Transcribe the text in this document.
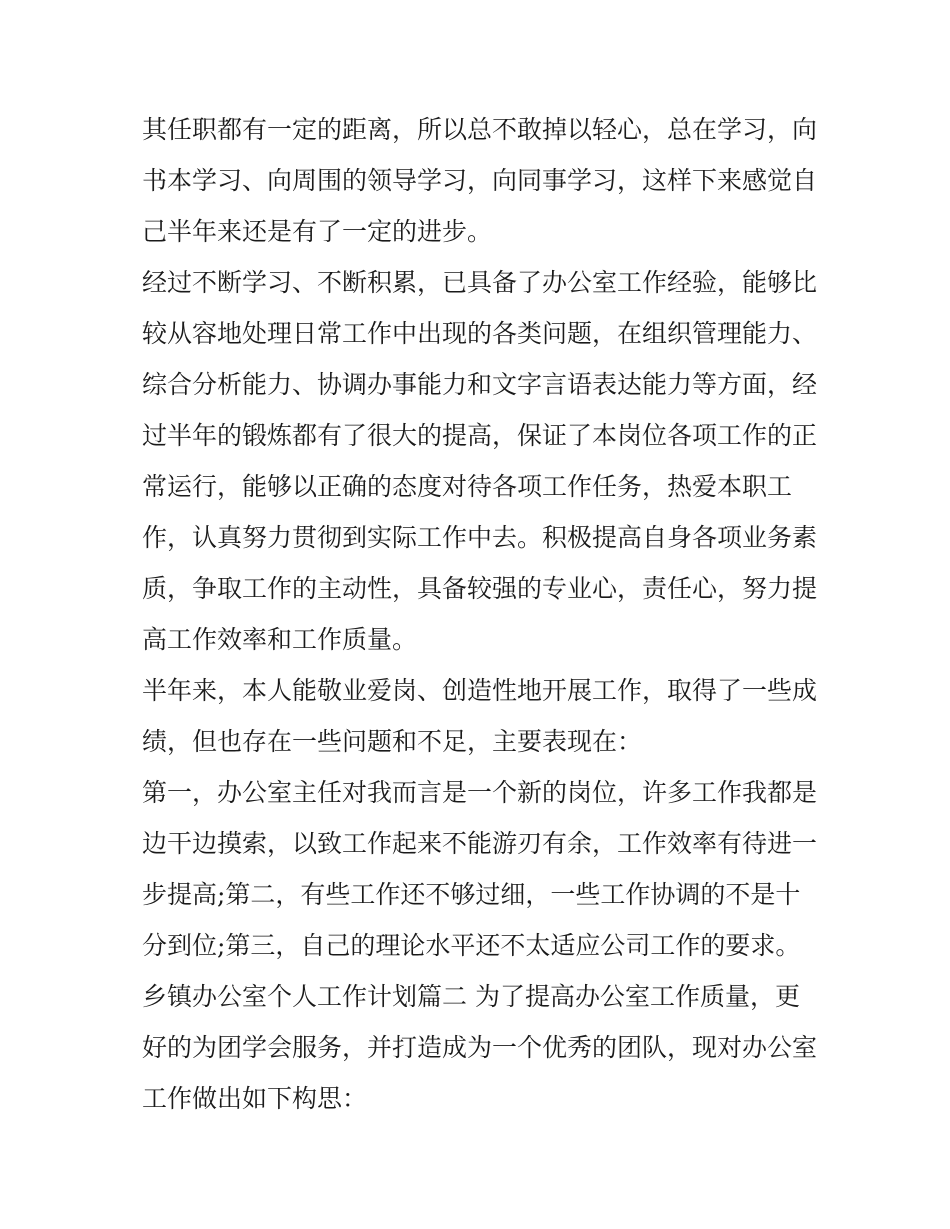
其任职都有一定的距离，所以总不敢掉以轻心，总在学习，向
书本学习、向周围的领导学习，向同事学习，这样下来感觉自
己半年来还是有了一定的进步。
经过不断学习、不断积累，已具备了办公室工作经验，能够比
较从容地处理日常工作中出现的各类问题，在组织管理能力、
综合分析能力、协调办事能力和文字言语表达能力等方面，经
过半年的锻炼都有了很大的提高，保证了本岗位各项工作的正
常运行，能够以正确的态度对待各项工作任务，热爱本职工
作，认真努力贯彻到实际工作中去。积极提高自身各项业务素
质，争取工作的主动性，具备较强的专业心，责任心，努力提
高工作效率和工作质量。
半年来，本人能敬业爱岗、创造性地开展工作，取得了一些成
绩，但也存在一些问题和不足，主要表现在：
第一，办公室主任对我而言是一个新的岗位，许多工作我都是
边干边摸索，以致工作起来不能游刃有余，工作效率有待进一
步提高;第二，有些工作还不够过细，一些工作协调的不是十
分到位;第三，自己的理论水平还不太适应公司工作的要求。
乡镇办公室个人工作计划篇二 为了提高办公室工作质量，更
好的为团学会服务，并打造成为一个优秀的团队，现对办公室
工作做出如下构思：
